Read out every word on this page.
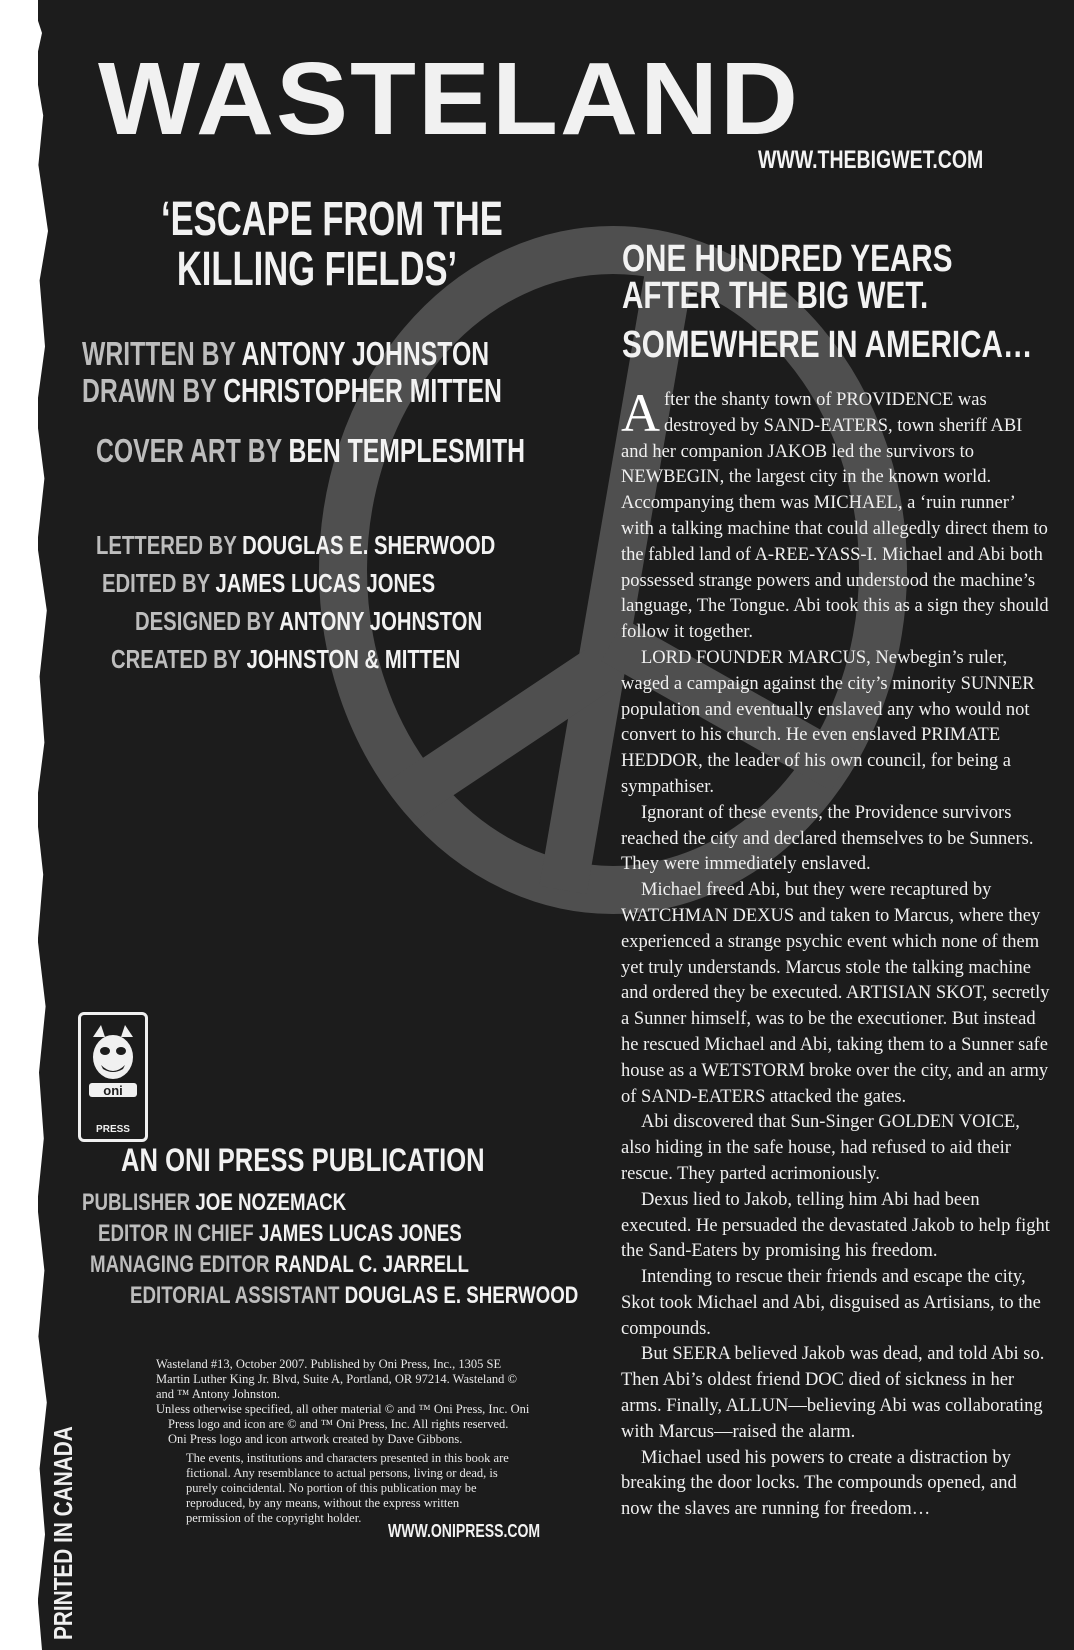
WASTELAND
WWW.THEBIGWET.COM
‘ESCAPE FROM THE
KILLING FIELDS’
WRITTEN BY ANTONY JOHNSTON
DRAWN BY CHRISTOPHER MITTEN
COVER ART BY BEN TEMPLESMITH
LETTERED BY DOUGLAS E. SHERWOOD
EDITED BY JAMES LUCAS JONES
DESIGNED BY ANTONY JOHNSTON
CREATED BY JOHNSTON & MITTEN
oni
PRESS
AN ONI PRESS PUBLICATION
PUBLISHER JOE NOZEMACK
EDITOR IN CHIEF JAMES LUCAS JONES
MANAGING EDITOR RANDAL C. JARRELL
EDITORIAL ASSISTANT DOUGLAS E. SHERWOOD

Wasteland #13, October 2007. Published by Oni Press, Inc., 1305 SE Martin Luther King Jr. Blvd, Suite A, Portland, OR 97214. Wasteland © and ™ Antony Johnston.

Unless otherwise specified, all other material © and ™ Oni Press, Inc. Oni Press logo and icon are © and ™ Oni Press, Inc. All rights reserved.

Oni Press logo and icon artwork created by Dave Gibbons.

The events, institutions and characters presented in this book are fictional. Any resemblance to actual persons, living or dead, is purely coincidental. No portion of this publication may be reproduced, by any means, without the express written permission of the copyright holder.

WWW.ONIPRESS.COM
PRINTED IN CANADA
ONE HUNDRED YEARS
AFTER THE BIG WET.
SOMEWHERE IN AMERICA…

After the shanty town of PROVIDENCE was destroyed by SAND-EATERS, town sheriff ABI and her companion JAKOB led the survivors to NEWBEGIN, the largest city in the known world. Accompanying them was MICHAEL, a ‘ruin runner’ with a talking machine that could allegedly direct them to the fabled land of A-REE-YASS-I. Michael and Abi both possessed strange powers and understood the machine’s language, The Tongue. Abi took this as a sign they should follow it together.

LORD FOUNDER MARCUS, Newbegin’s ruler, waged a campaign against the city’s minority SUNNER population and eventually enslaved any who would not convert to his church. He even enslaved PRIMATE HEDDOR, the leader of his own council, for being a sympathiser.

Ignorant of these events, the Providence survivors reached the city and declared themselves to be Sunners. They were immediately enslaved.

Michael freed Abi, but they were recaptured by WATCHMAN DEXUS and taken to Marcus, where they experienced a strange psychic event which none of them yet truly understands. Marcus stole the talking machine and ordered they be executed. ARTISIAN SKOT, secretly a Sunner himself, was to be the executioner. But instead he rescued Michael and Abi, taking them to a Sunner safe house as a WETSTORM broke over the city, and an army of SAND-EATERS attacked the gates.

Abi discovered that Sun-Singer GOLDEN VOICE, also hiding in the safe house, had refused to aid their rescue. They parted acrimoniously.

Dexus lied to Jakob, telling him Abi had been executed. He persuaded the devastated Jakob to help fight the Sand-Eaters by promising his freedom.

Intending to rescue their friends and escape the city, Skot took Michael and Abi, disguised as Artisians, to the compounds.

But SEERA believed Jakob was dead, and told Abi so. Then Abi’s oldest friend DOC died of sickness in her arms. Finally, ALLUN—believing Abi was collaborating with Marcus—raised the alarm.

Michael used his powers to create a distraction by breaking the door locks. The compounds opened, and now the slaves are running for freedom…
